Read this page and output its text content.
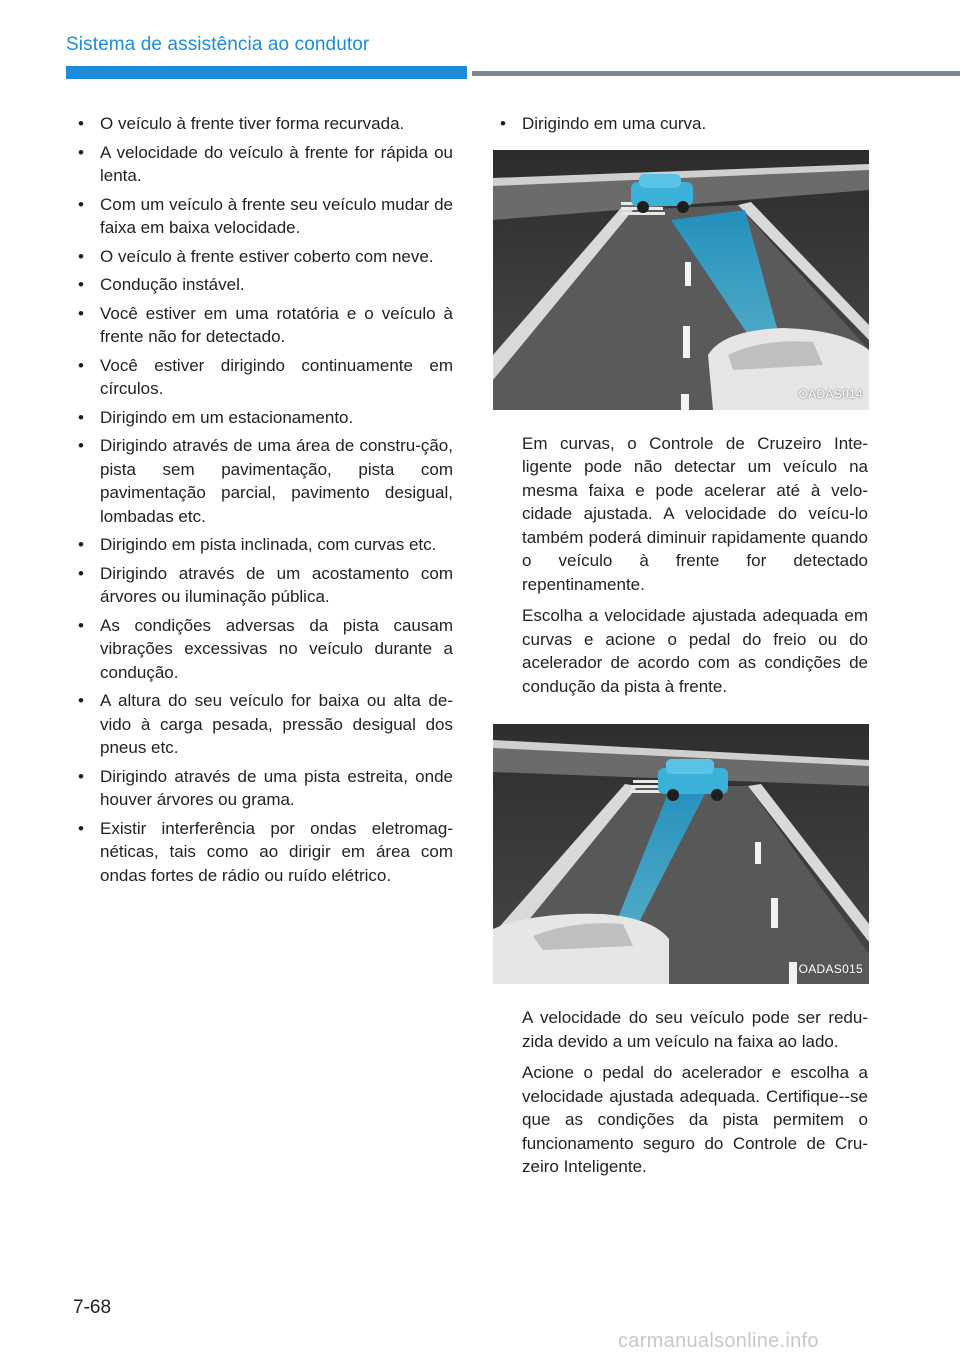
Sistema de assistência ao condutor
• O veículo à frente tiver forma recurvada.
• A velocidade do veículo à frente for rápida ou lenta.
• Com um veículo à frente seu veículo mudar de faixa em baixa velocidade.
• O veículo à frente estiver coberto com neve.
• Condução instável.
• Você estiver em uma rotatória e o veículo à frente não for detectado.
• Você estiver dirigindo continuamente em círculos.
• Dirigindo em um estacionamento.
• Dirigindo através de uma área de constru-ção, pista sem pavimentação, pista com pavimentação parcial, pavimento desigual, lombadas etc.
• Dirigindo em pista inclinada, com curvas etc.
• Dirigindo através de um acostamento com árvores ou iluminação pública.
• As condições adversas da pista causam vibrações excessivas no veículo durante a condução.
• A altura do seu veículo for baixa ou alta de-vido à carga pesada, pressão desigual dos pneus etc.
• Dirigindo através de uma pista estreita, onde houver árvores ou grama.
• Existir interferência por ondas eletromag-néticas, tais como ao dirigir em área com ondas fortes de rádio ou ruído elétrico.
• Dirigindo em uma curva.
OADAS014

Em curvas, o Controle de Cruzeiro Inte-ligente pode não detectar um veículo na mesma faixa e pode acelerar até à velo-cidade ajustada. A velocidade do veícu-lo também poderá diminuir rapidamente quando o veículo à frente for detectado repentinamente.

Escolha a velocidade ajustada adequada em curvas e acione o pedal do freio ou do acelerador de acordo com as condições de condução da pista à frente.

OADAS015

A velocidade do seu veículo pode ser redu-zida devido a um veículo na faixa ao lado.

Acione o pedal do acelerador e escolha a velocidade ajustada adequada. Certifique--se que as condições da pista permitem o funcionamento seguro do Controle de Cru-zeiro Inteligente.

7-68
carmanualsonline.info
